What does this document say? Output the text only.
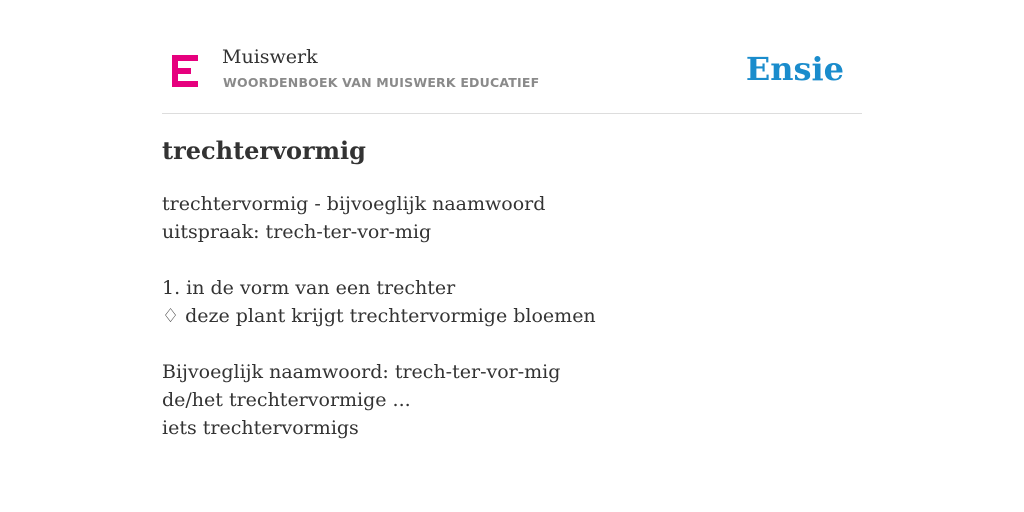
Muiswerk
WOORDENBOEK VAN MUISWERK EDUCATIEF	Ensie
trechtervormig
trechtervormig - bijvoeglijk naamwoord
uitspraak: trech-ter-vor-mig
1. in de vorm van een trechter
♢ deze plant krijgt trechtervormige bloemen
Bijvoeglijk naamwoord: trech-ter-vor-mig
de/het trechtervormige ...
iets trechtervormigs
